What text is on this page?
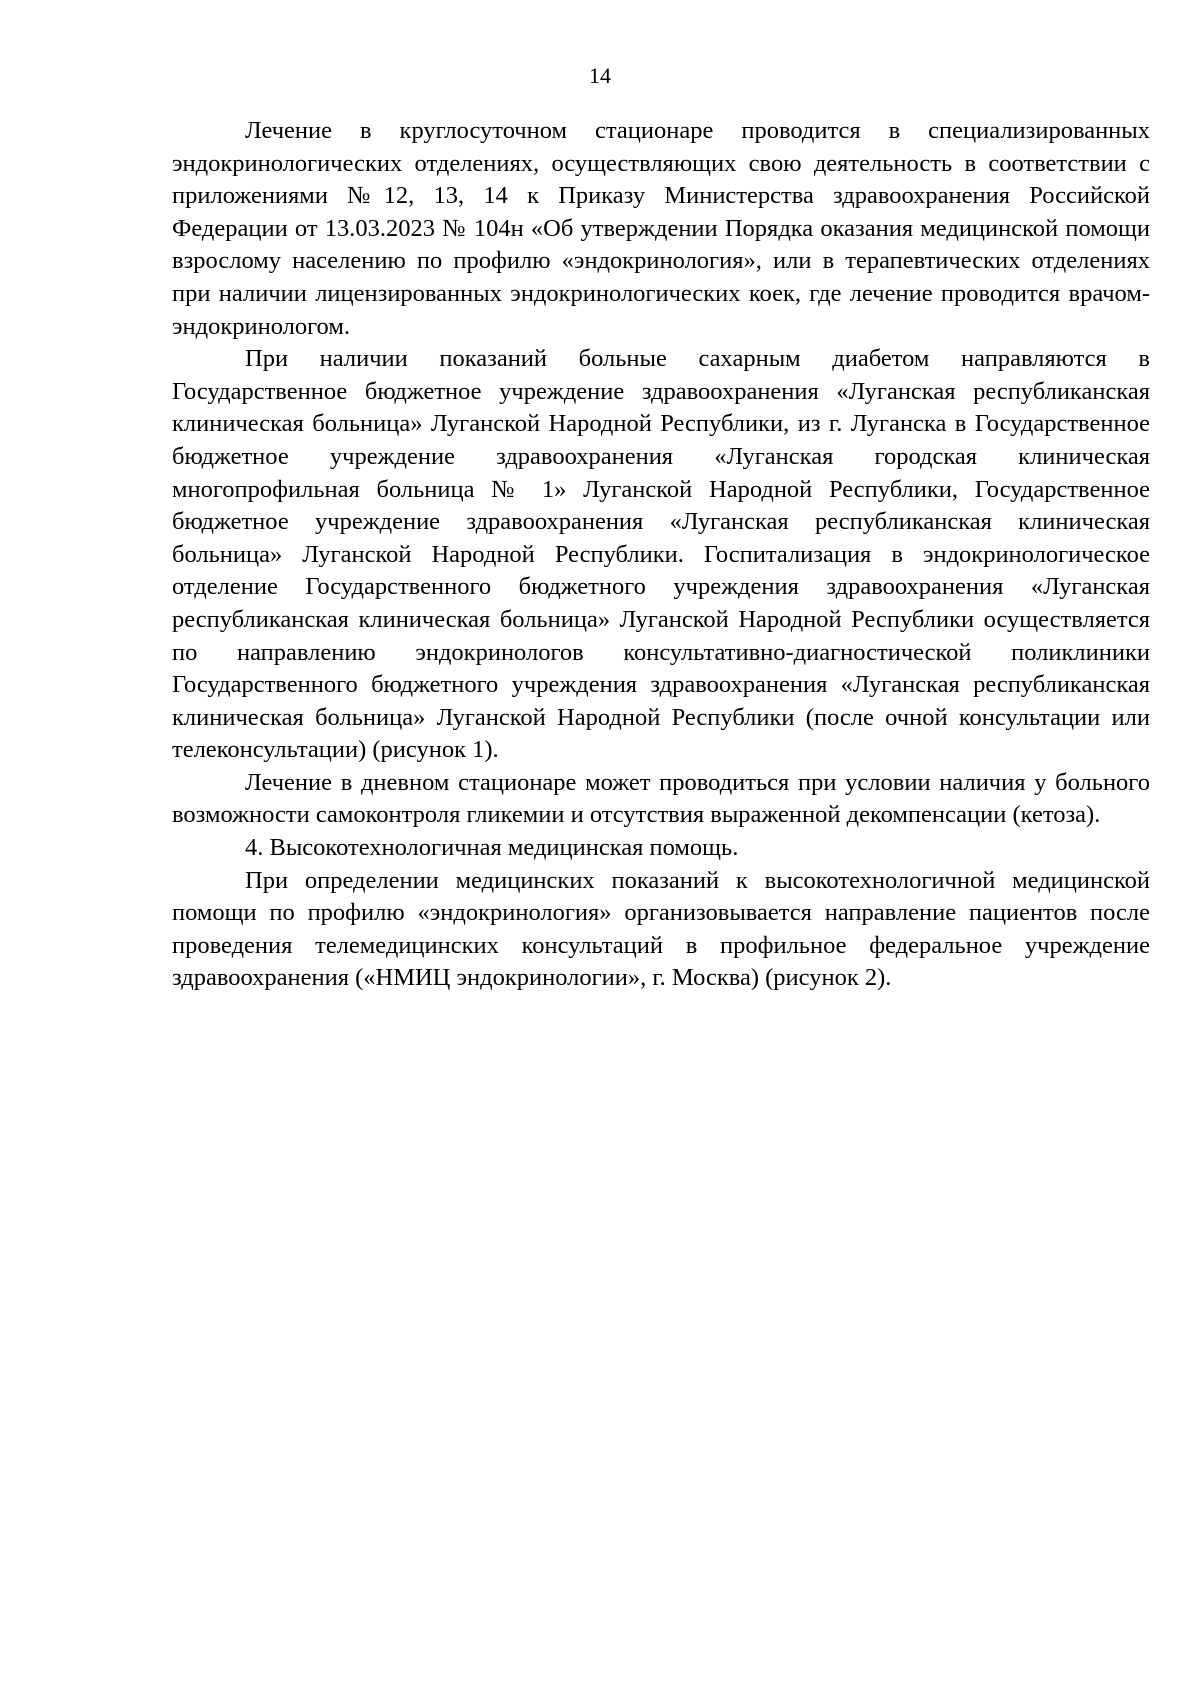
14

Лечение в круглосуточном стационаре проводится в специализированных эндокринологических отделениях, осуществляющих свою деятельность в соответствии с приложениями №12, 13, 14 к Приказу Министерства здравоохранения Российской Федерации от 13.03.2023 № 104н «Об утверждении Порядка оказания медицинской помощи взрослому населению по профилю «эндокринология», или в терапевтических отделениях при наличии лицензированных эндокринологических коек, где лечение проводится врачом-эндокринологом.

При наличии показаний больные сахарным диабетом направляются в Государственное бюджетное учреждение здравоохранения «Луганская республиканская клиническая больница» Луганской Народной Республики, из г. Луганска в Государственное бюджетное учреждение здравоохранения «Луганская городская клиническая многопрофильная больница № 1» Луганской Народной Республики, Государственное бюджетное учреждение здравоохранения «Луганская республиканская клиническая больница» Луганской Народной Республики. Госпитализация в эндокринологическое отделение Государственного бюджетного учреждения здравоохранения «Луганская республиканская клиническая больница» Луганской Народной Республики осуществляется по направлению эндокринологов консультативно-диагностической поликлиники Государственного бюджетного учреждения здравоохранения «Луганская республиканская клиническая больница» Луганской Народной Республики (после очной консультации или телеконсультации) (рисунок 1).

Лечение в дневном стационаре может проводиться при условии наличия у больного возможности самоконтроля гликемии и отсутствия выраженной декомпенсации (кетоза).

4. Высокотехнологичная медицинская помощь.

При определении медицинских показаний к высокотехнологичной медицинской помощи по профилю «эндокринология» организовывается направление пациентов после проведения телемедицинских консультаций в профильное федеральное учреждение здравоохранения («НМИЦ эндокринологии», г. Москва) (рисунок 2).
